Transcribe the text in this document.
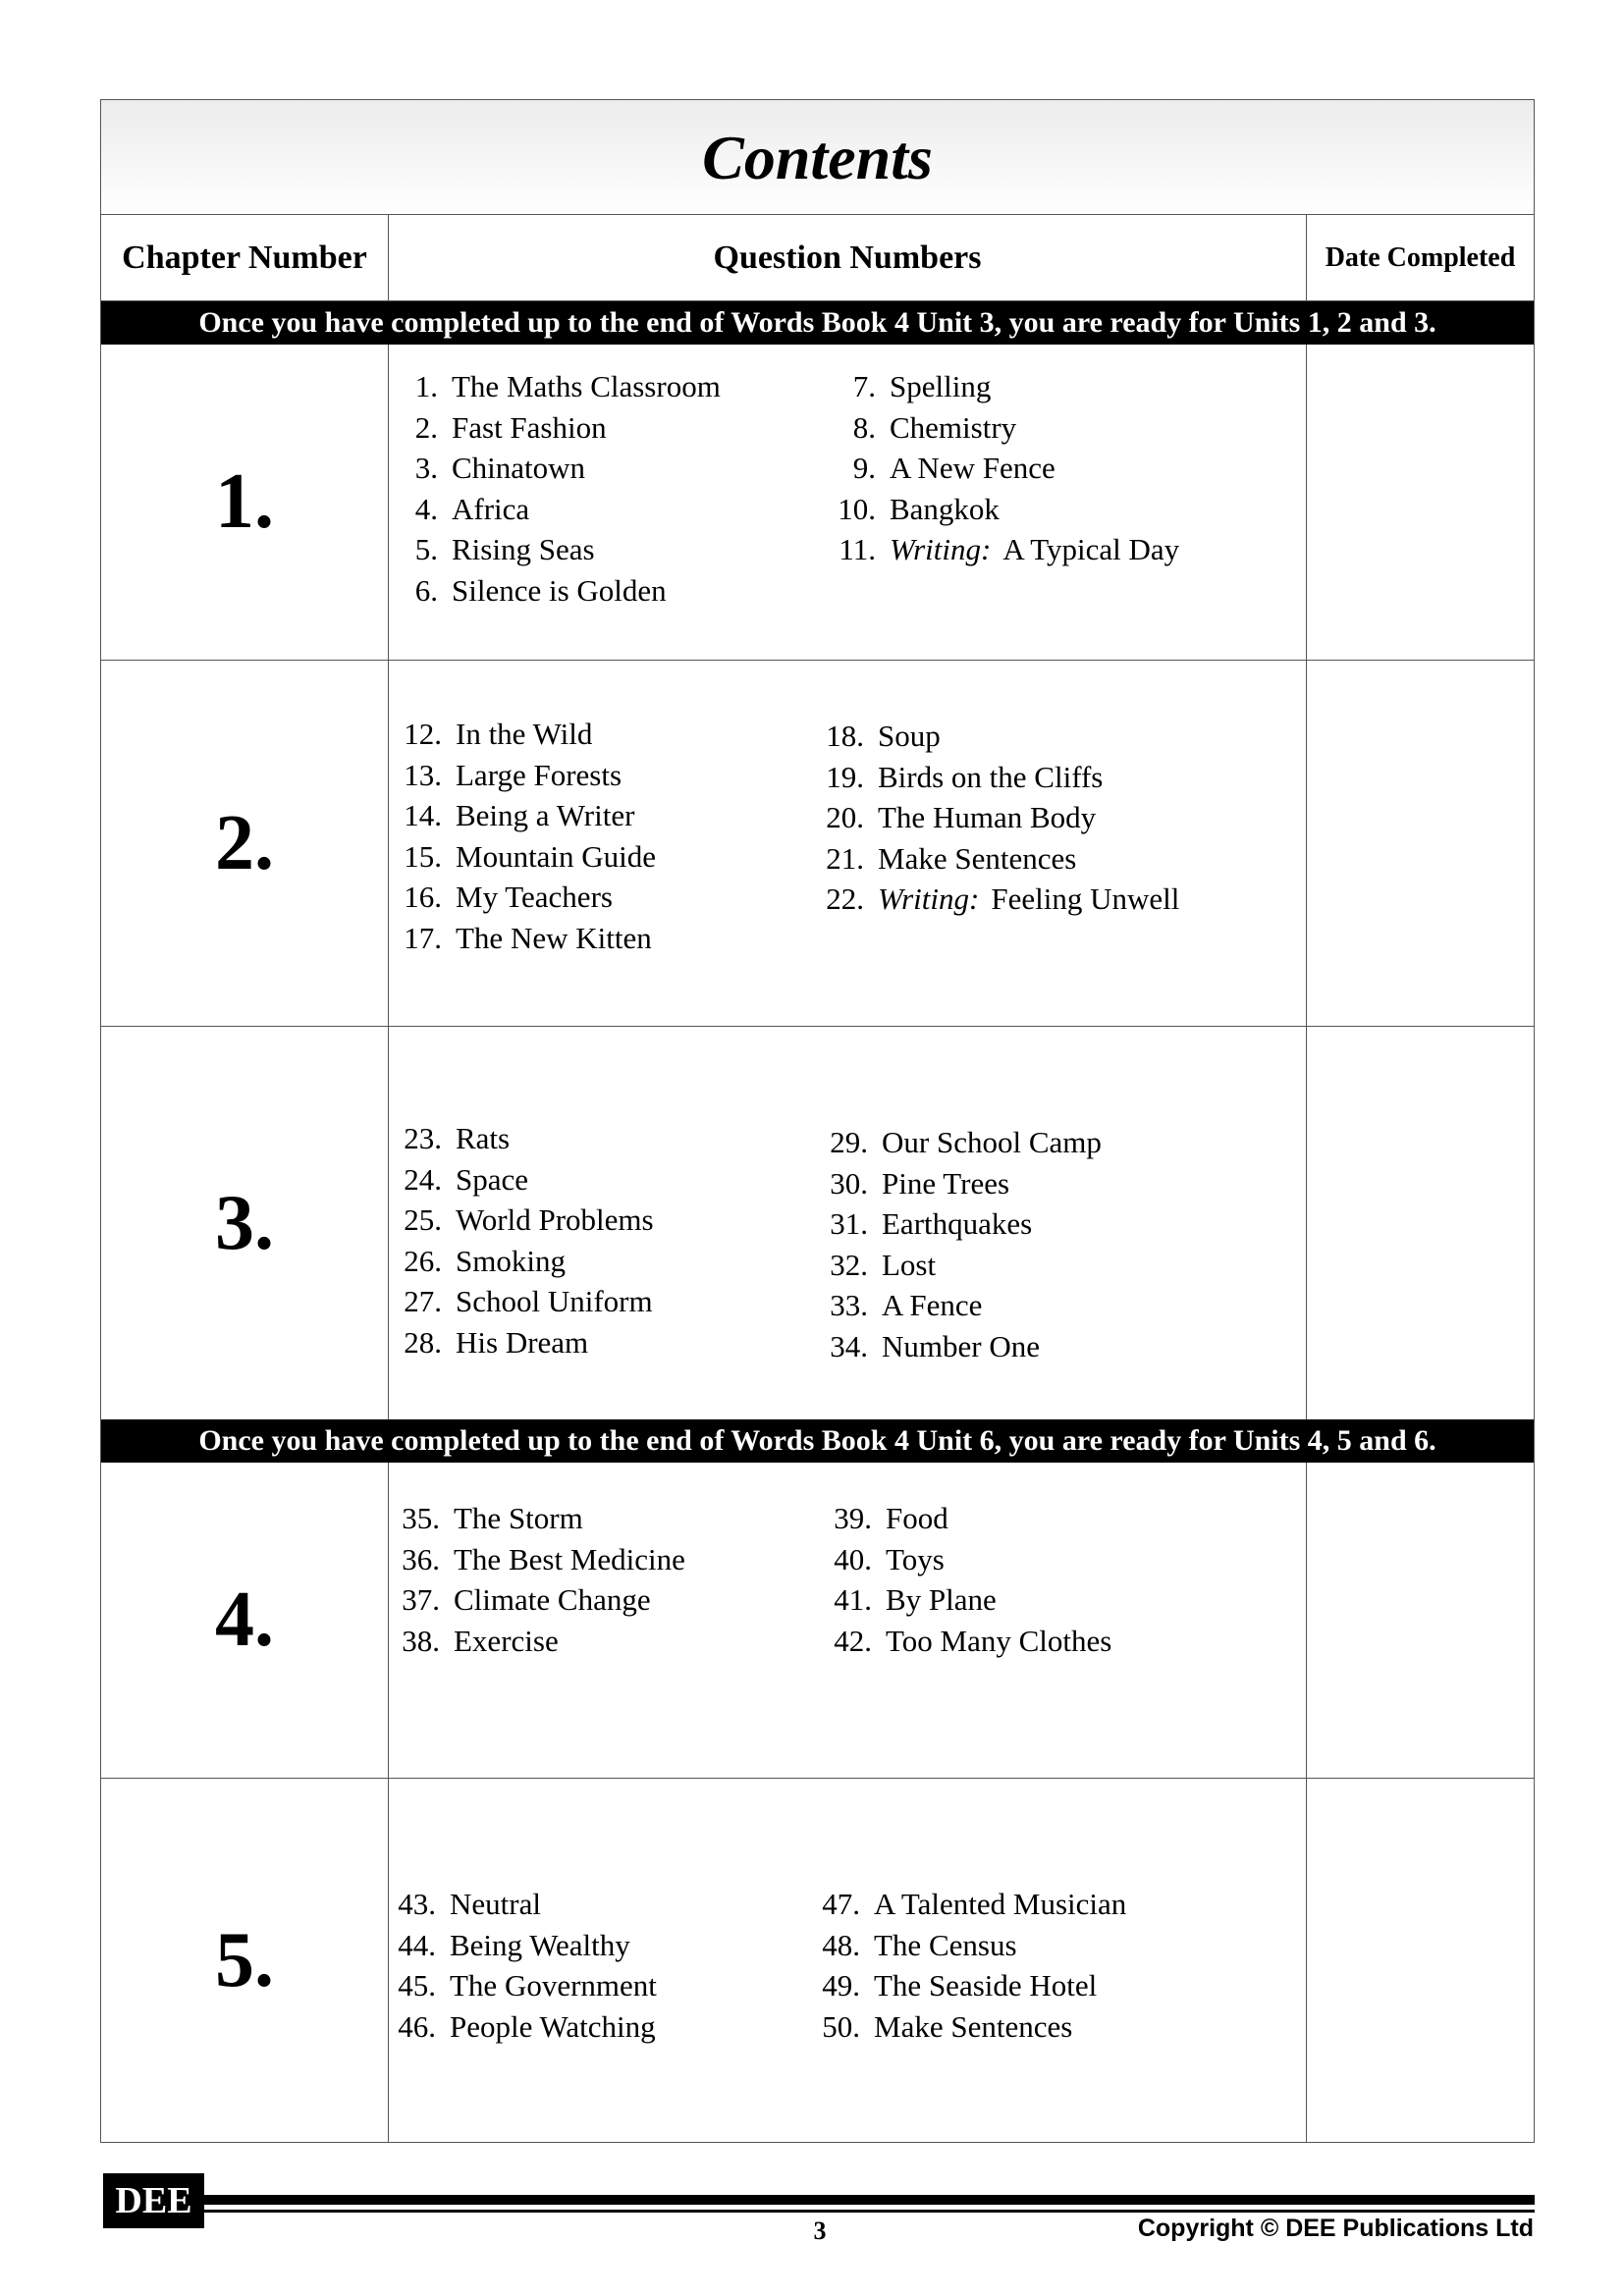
Contents
Chapter Number	Question Numbers	Date Completed
Once you have completed up to the end of Words Book 4 Unit 3, you are ready for Units 1, 2 and 3.
1.
1. The Maths Classroom
2. Fast Fashion
3. Chinatown
4. Africa
5. Rising Seas
6. Silence is Golden
7. Spelling
8. Chemistry
9. A New Fence
10. Bangkok
11. Writing: A Typical Day
2.
12. In the Wild
13. Large Forests
14. Being a Writer
15. Mountain Guide
16. My Teachers
17. The New Kitten
18. Soup
19. Birds on the Cliffs
20. The Human Body
21. Make Sentences
22. Writing: Feeling Unwell
3.
23. Rats
24. Space
25. World Problems
26. Smoking
27. School Uniform
28. His Dream
29. Our School Camp
30. Pine Trees
31. Earthquakes
32. Lost
33. A Fence
34. Number One
Once you have completed up to the end of Words Book 4 Unit 6, you are ready for Units 4, 5 and 6.
4.
35. The Storm
36. The Best Medicine
37. Climate Change
38. Exercise
39. Food
40. Toys
41. By Plane
42. Too Many Clothes
5.
43. Neutral
44. Being Wealthy
45. The Government
46. People Watching
47. A Talented Musician
48. The Census
49. The Seaside Hotel
50. Make Sentences
DEE
3	Copyright © DEE Publications Ltd
